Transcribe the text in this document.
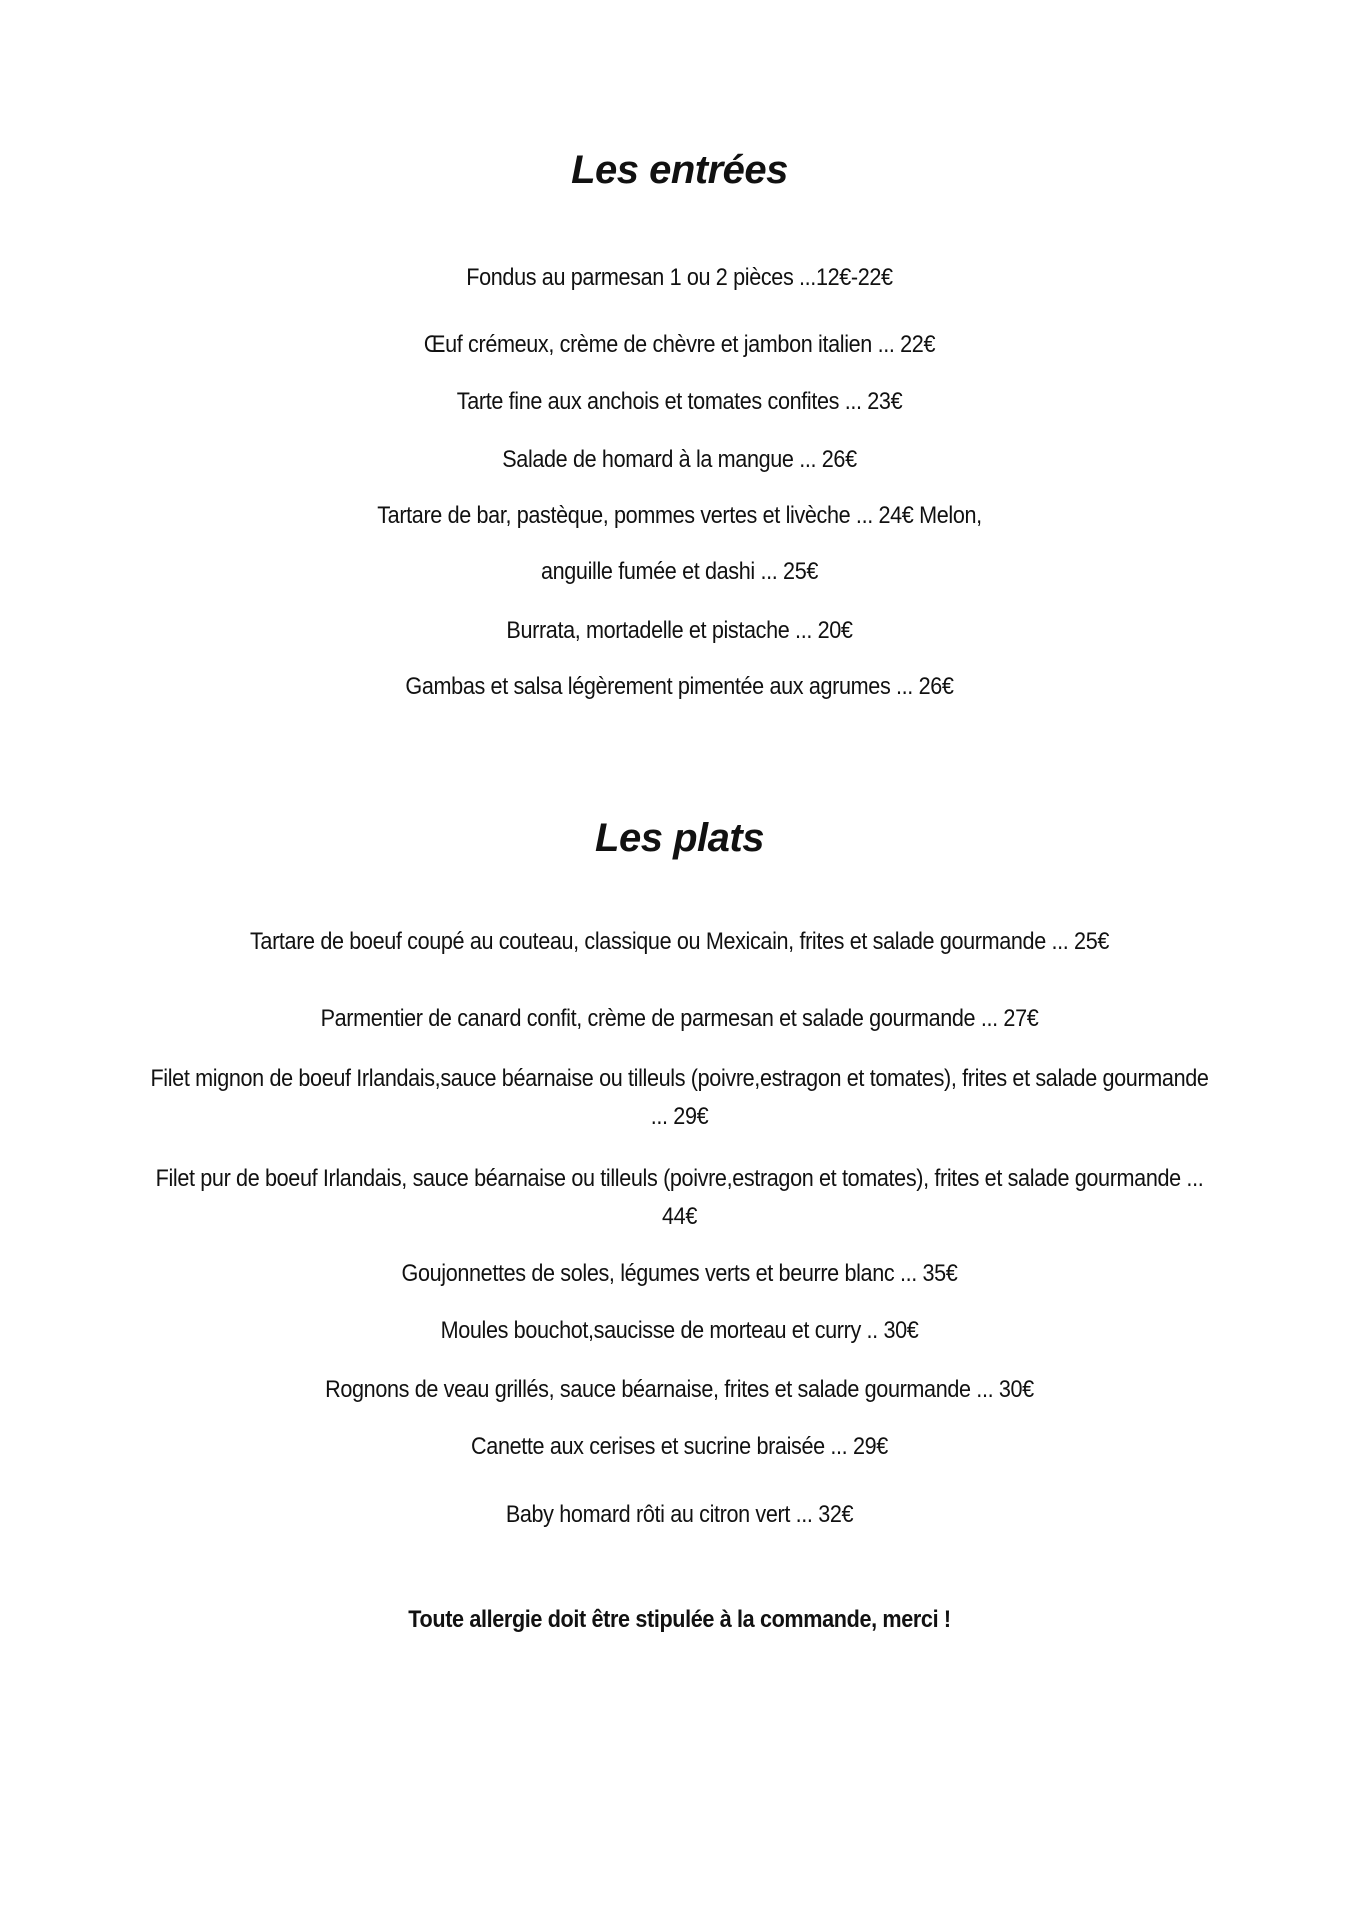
Les entrées

Fondus au parmesan 1 ou 2 pièces ...12€-22€

Œuf crémeux, crème de chèvre et jambon italien ... 22€

Tarte fine aux anchois et tomates confites ... 23€

Salade de homard à la mangue ... 26€

Tartare de bar, pastèque, pommes vertes et livèche ... 24€ Melon,

anguille fumée et dashi ... 25€

Burrata, mortadelle et pistache ... 20€

Gambas et salsa légèrement pimentée aux agrumes ... 26€

Les plats

Tartare de boeuf coupé au couteau, classique ou Mexicain, frites et salade gourmande ... 25€

Parmentier de canard confit, crème de parmesan et salade gourmande ... 27€

Filet mignon de boeuf Irlandais,sauce béarnaise ou tilleuls (poivre,estragon et tomates), frites et salade gourmande ... 29€

Filet pur de boeuf Irlandais, sauce béarnaise ou tilleuls (poivre,estragon et tomates), frites et salade gourmande ... 44€

Goujonnettes de soles, légumes verts et beurre blanc ... 35€

Moules bouchot,saucisse de morteau et curry .. 30€

Rognons de veau grillés, sauce béarnaise, frites et salade gourmande ... 30€

Canette aux cerises et sucrine braisée ... 29€

Baby homard rôti au citron vert ... 32€

Toute allergie doit être stipulée à la commande, merci !
